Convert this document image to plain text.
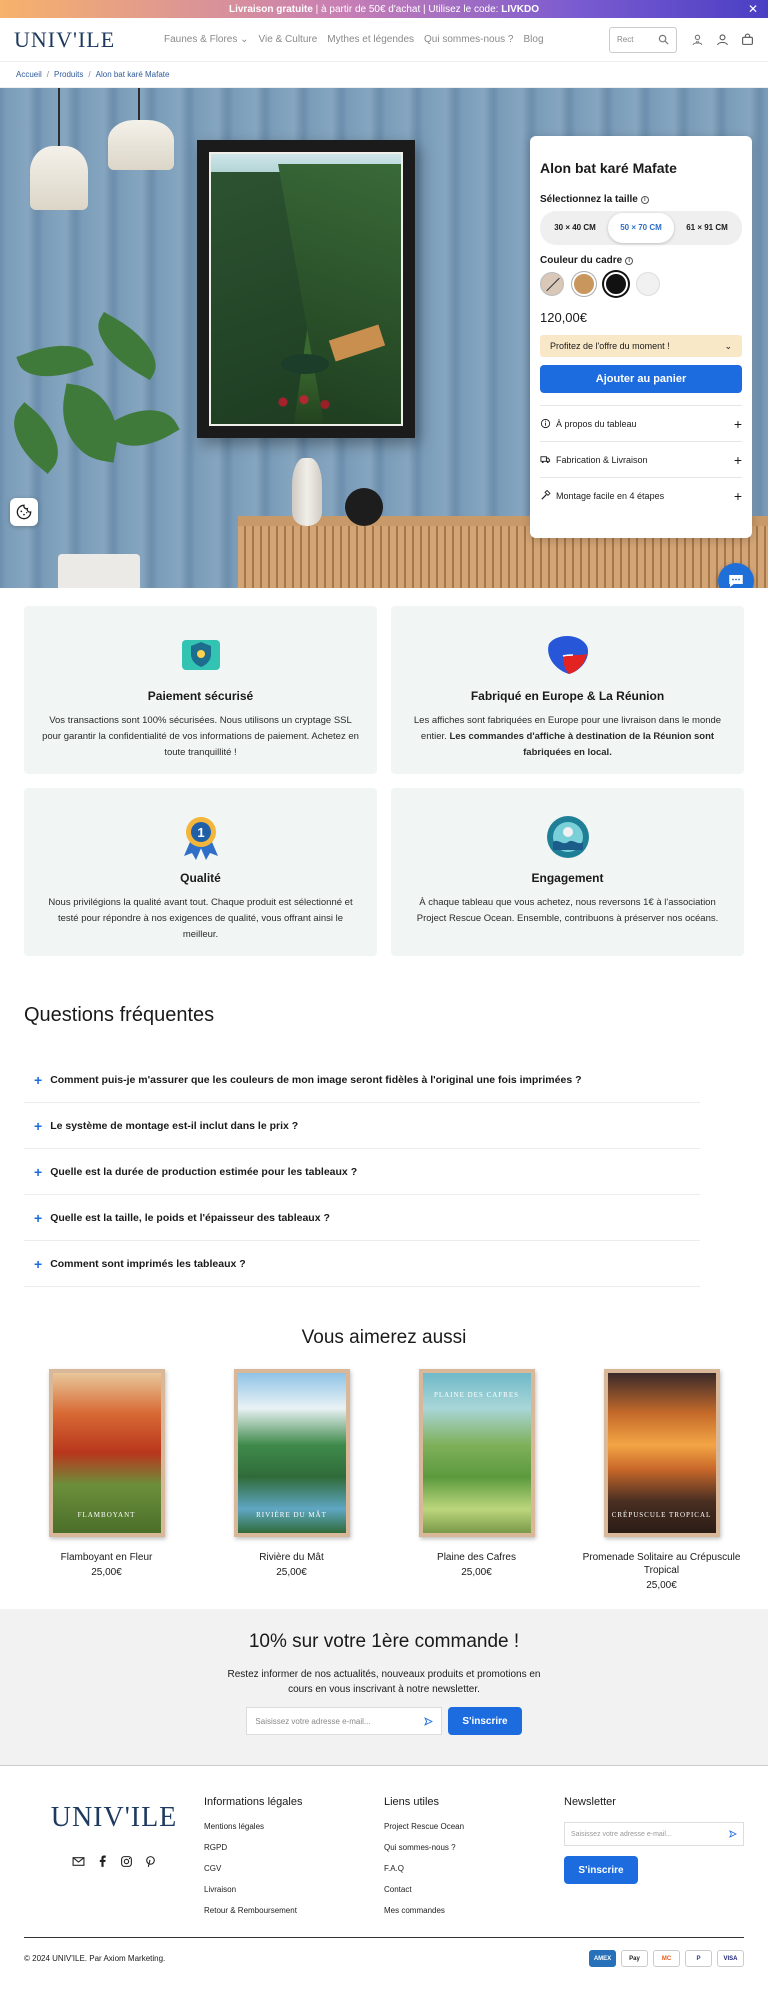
Livraison gratuite | à partir de 50€ d'achat | Utilisez le code: LIVKDO	✕
UNIV'ILE	Faunes & Flores ⌄ Vie & Culture Mythes et légendes Qui sommes-nous ? Blog	Rect
Accueil / Produits / Alon bat karé Mafate
Alon bat karé Mafate
Sélectionnez la taille	i
30 × 40 CM	50 × 70 CM	61 × 91 CM
Couleur du cadre	i
120,00€
Profitez de l'offre du moment !	⌄
Ajouter au panier
À propos du tableau	+
Fabrication & Livraison	+
Montage facile en 4 étapes	+
Paiement sécurisé

Vos transactions sont 100% sécurisées. Nous utilisons un cryptage SSL pour garantir la confidentialité de vos informations de paiement. Achetez en toute tranquillité !

Fabriqué en Europe & La Réunion

Les affiches sont fabriquées en Europe pour une livraison dans le monde entier. Les commandes d'affiche à destination de la Réunion sont fabriquées en local.

1
Qualité

Nous privilégions la qualité avant tout. Chaque produit est sélectionné et testé pour répondre à nos exigences de qualité, vous offrant ainsi le meilleur.

Engagement

À chaque tableau que vous achetez, nous reversons 1€ à l'association Project Rescue Ocean. Ensemble, contribuons à préserver nos océans.

Questions fréquentes
+ Comment puis-je m'assurer que les couleurs de mon image seront fidèles à l'original une fois imprimées ?
+ Le système de montage est-il inclut dans le prix ?
+ Quelle est la durée de production estimée pour les tableaux ?
+ Quelle est la taille, le poids et l'épaisseur des tableaux ?
+ Comment sont imprimés les tableaux ?
Vous aimerez aussi
FLAMBOYANT
Flamboyant en Fleur
25,00€
RIVIÈRE DU MÂT
Rivière du Mât
25,00€
PLAINE DES CAFRES
Plaine des Cafres
25,00€
CRÉPUSCULE TROPICAL
Promenade Solitaire au Crépuscule Tropical
25,00€
10% sur votre 1ère commande !

Restez informer de nos actualités, nouveaux produits et promotions en cours en vous inscrivant à notre newsletter.

Saisissez votre adresse e-mail...	S'inscrire
UNIV'ILE	Informations légales
Mentions légales
RGPD
CGV
Livraison
Retour & Remboursement
Liens utiles
Project Rescue Ocean
Qui sommes-nous ?
F.A.Q
Contact
Mes commandes
Newsletter
Saisissez votre adresse e-mail...
S'inscrire
© 2024 UNIV'ILE. Par Axiom Marketing.	AMEX	Pay	MC	P	VISA
